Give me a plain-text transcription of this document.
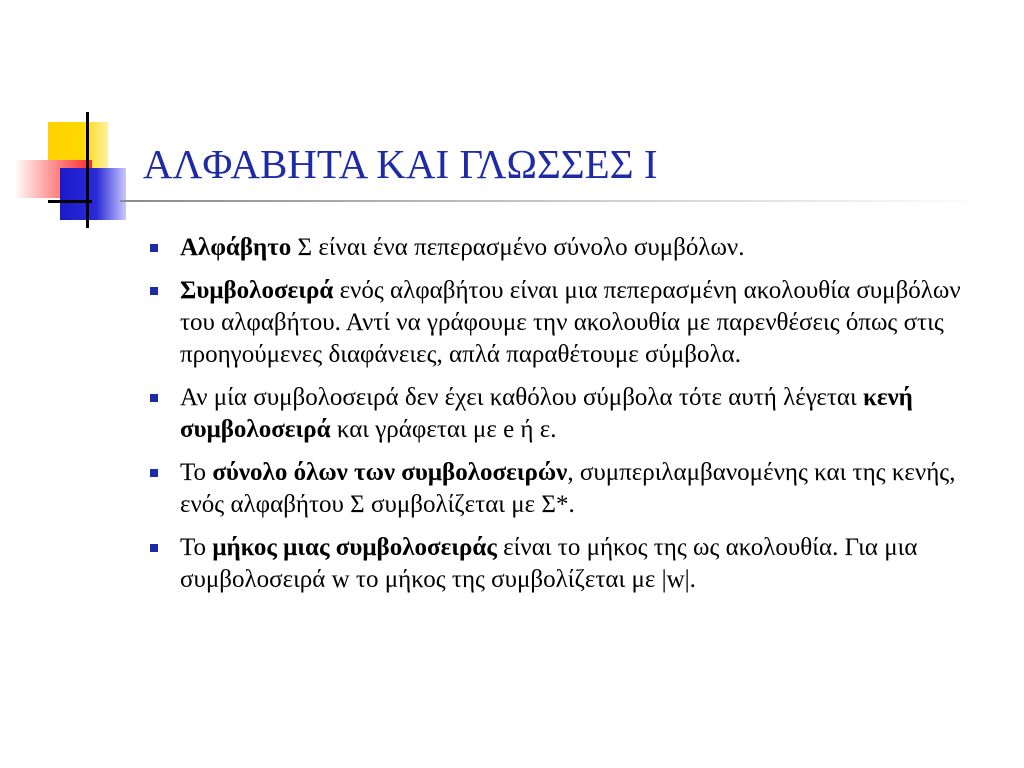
ΑΛΦΑΒΗΤΑ ΚΑΙ ΓΛΩΣΣΕΣ Ι
Αλφάβητο Σ είναι ένα πεπερασμένο σύνολο συμβόλων.
Συμβολοσειρά ενός αλφαβήτου είναι μια πεπερασμένη ακολουθία συμβόλων του αλφαβήτου. Αντί να γράφουμε την ακολουθία με παρενθέσεις όπως στις προηγούμενες διαφάνειες, απλά παραθέτουμε σύμβολα.
Αν μία συμβολοσειρά δεν έχει καθόλου σύμβολα τότε αυτή λέγεται κενή συμβολοσειρά και γράφεται με e ή ε.
Το σύνολο όλων των συμβολοσειρών, συμπεριλαμβανομένης και της κενής, ενός αλφαβήτου Σ συμβολίζεται με Σ*.
Το μήκος μιας συμβολοσειράς είναι το μήκος της ως ακολουθία. Για μια συμβολοσειρά w το μήκος της συμβολίζεται με |w|.
